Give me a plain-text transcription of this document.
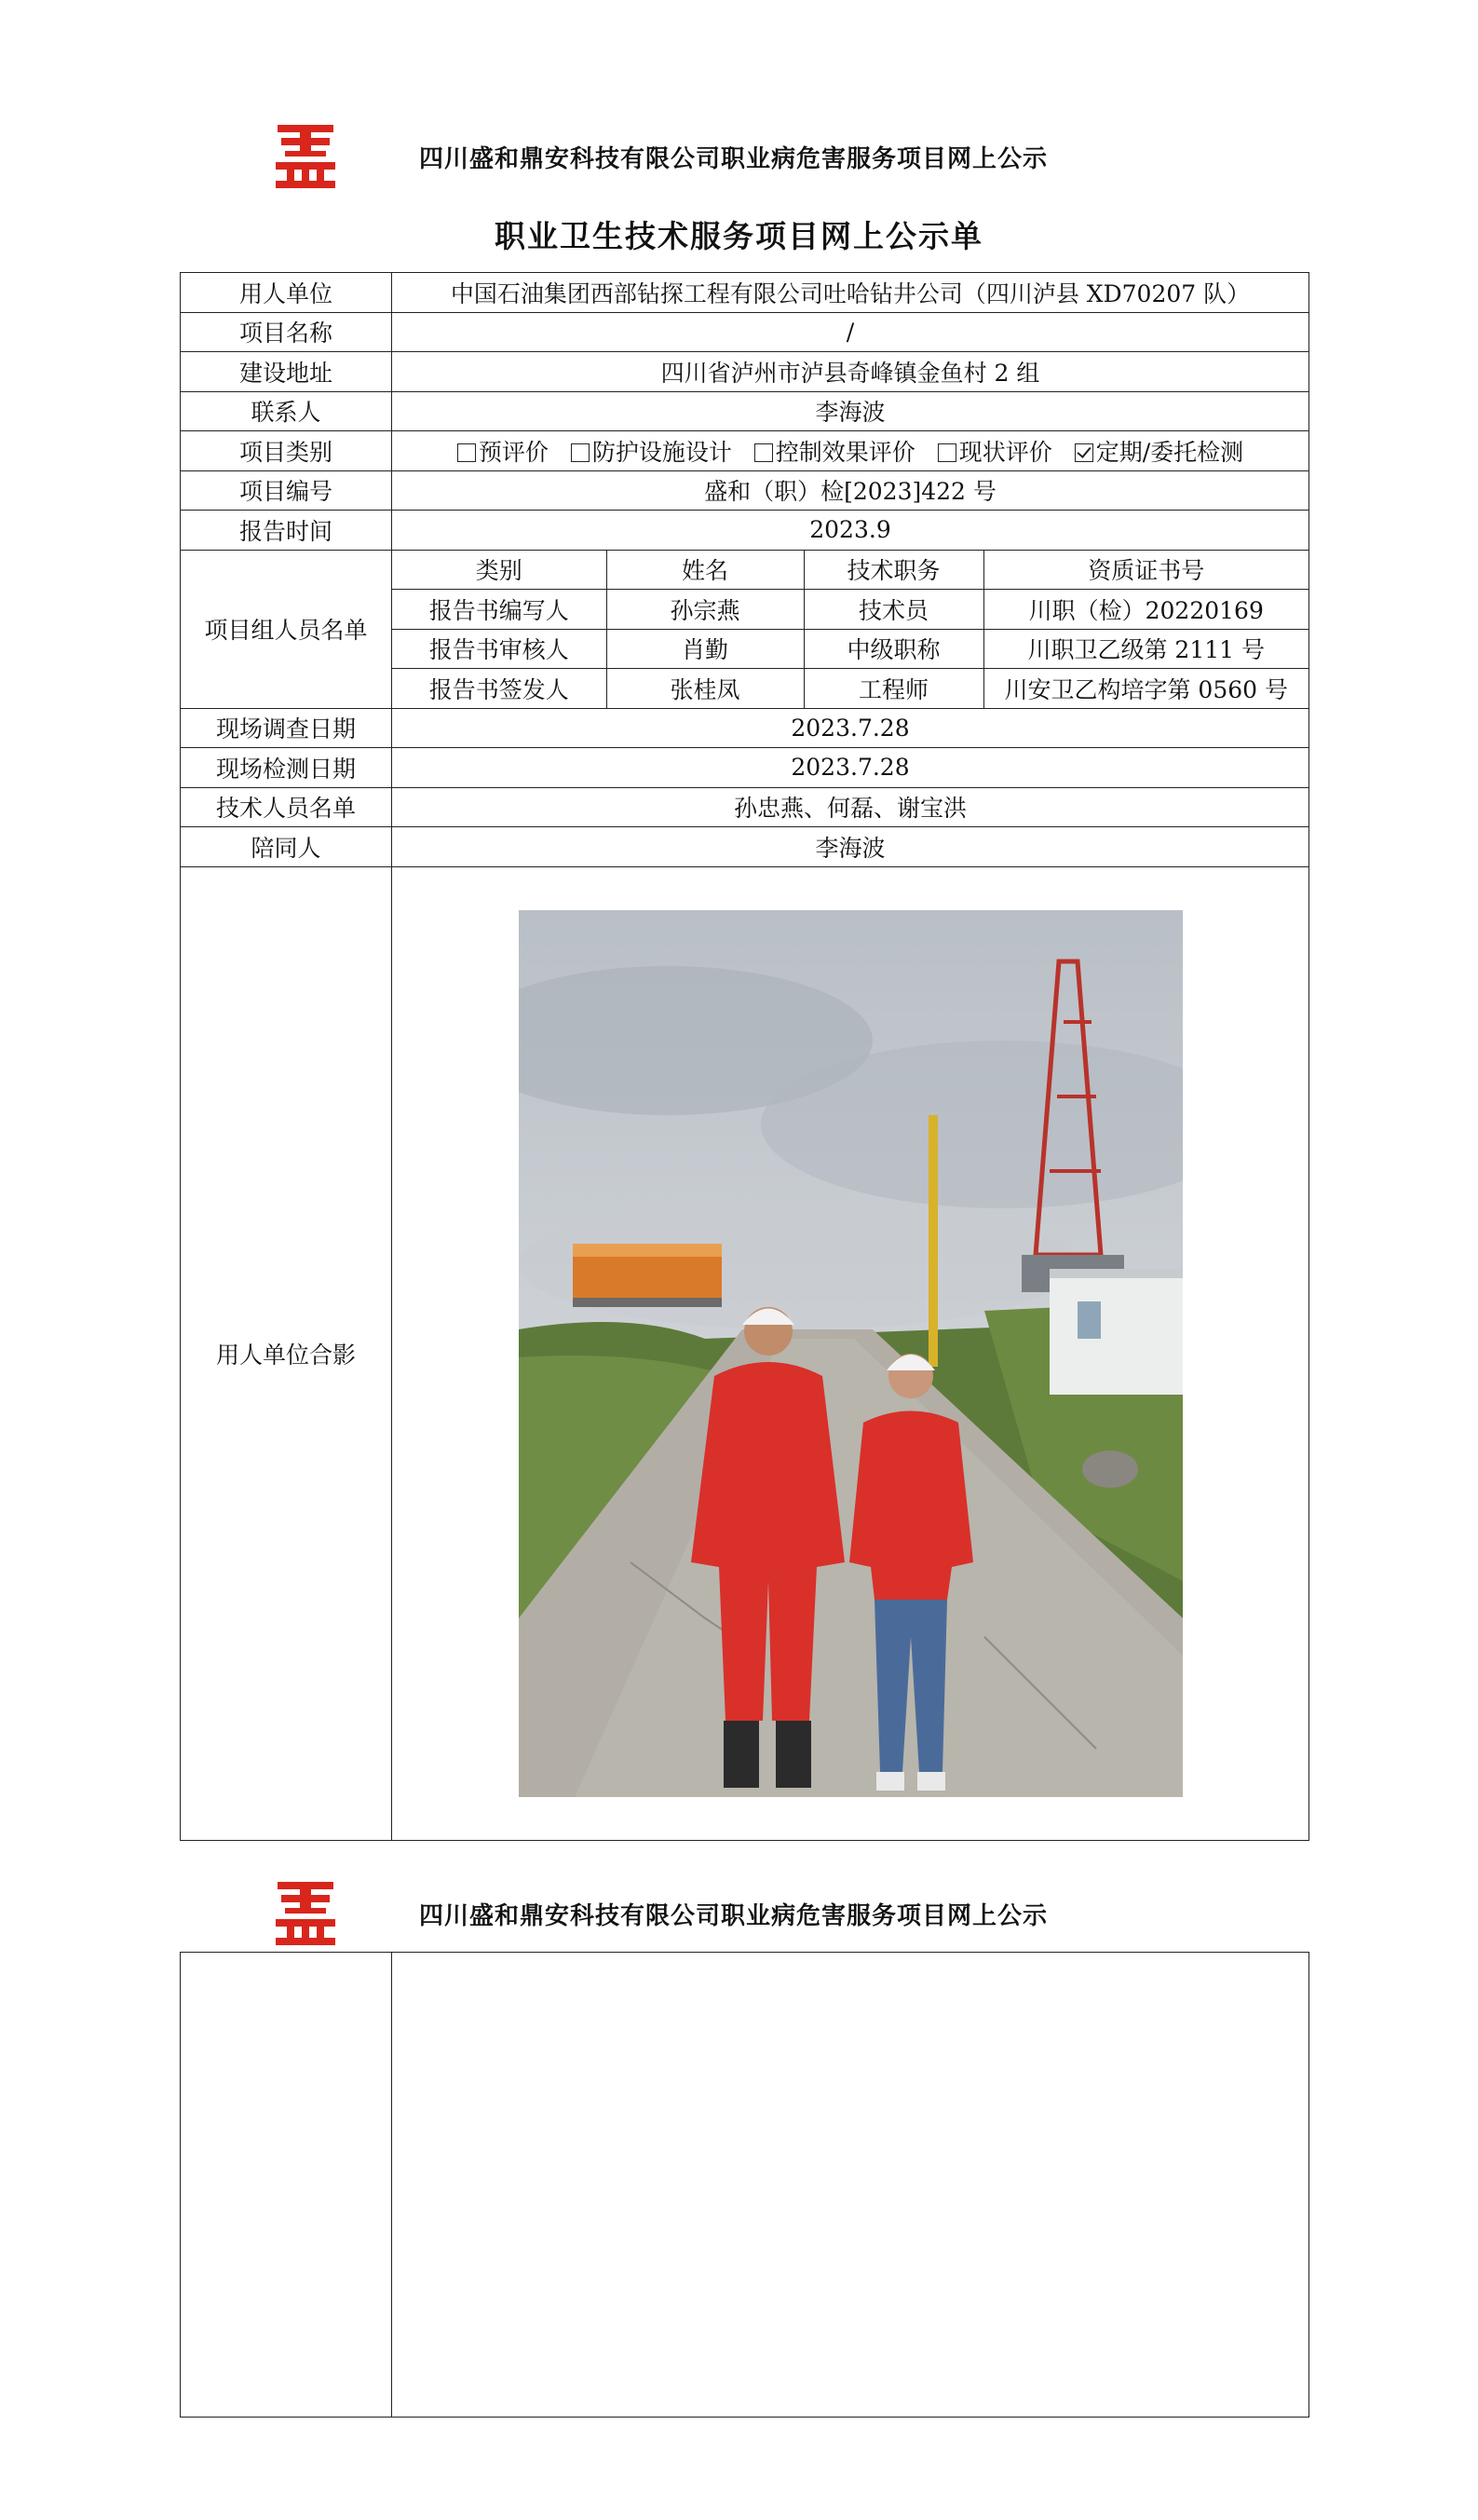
四川盛和鼎安科技有限公司职业病危害服务项目网上公示
职业卫生技术服务项目网上公示单
用人单位	中国石油集团西部钻探工程有限公司吐哈钻井公司（四川泸县 XD70207 队）
项目名称	/
建设地址	四川省泸州市泸县奇峰镇金鱼村 2 组
联系人	李海波
项目类别	预评价 防护设施设计 控制效果评价 现状评价 定期/委托检测
项目编号	盛和（职）检[2023]422 号
报告时间	2023.9
项目组人员名单	
类别	姓名	技术职务	资质证书号
报告书编写人	孙宗燕	技术员	川职（检）20220169
报告书审核人	肖勤	中级职称	川职卫乙级第 2111 号
报告书签发人	张桂凤	工程师	川安卫乙构培字第 0560 号

现场调查日期	2023.7.28
现场检测日期	2023.7.28
技术人员名单	孙忠燕、何磊、谢宝洪
陪同人	李海波
用人单位合影	
四川盛和鼎安科技有限公司职业病危害服务项目网上公示
